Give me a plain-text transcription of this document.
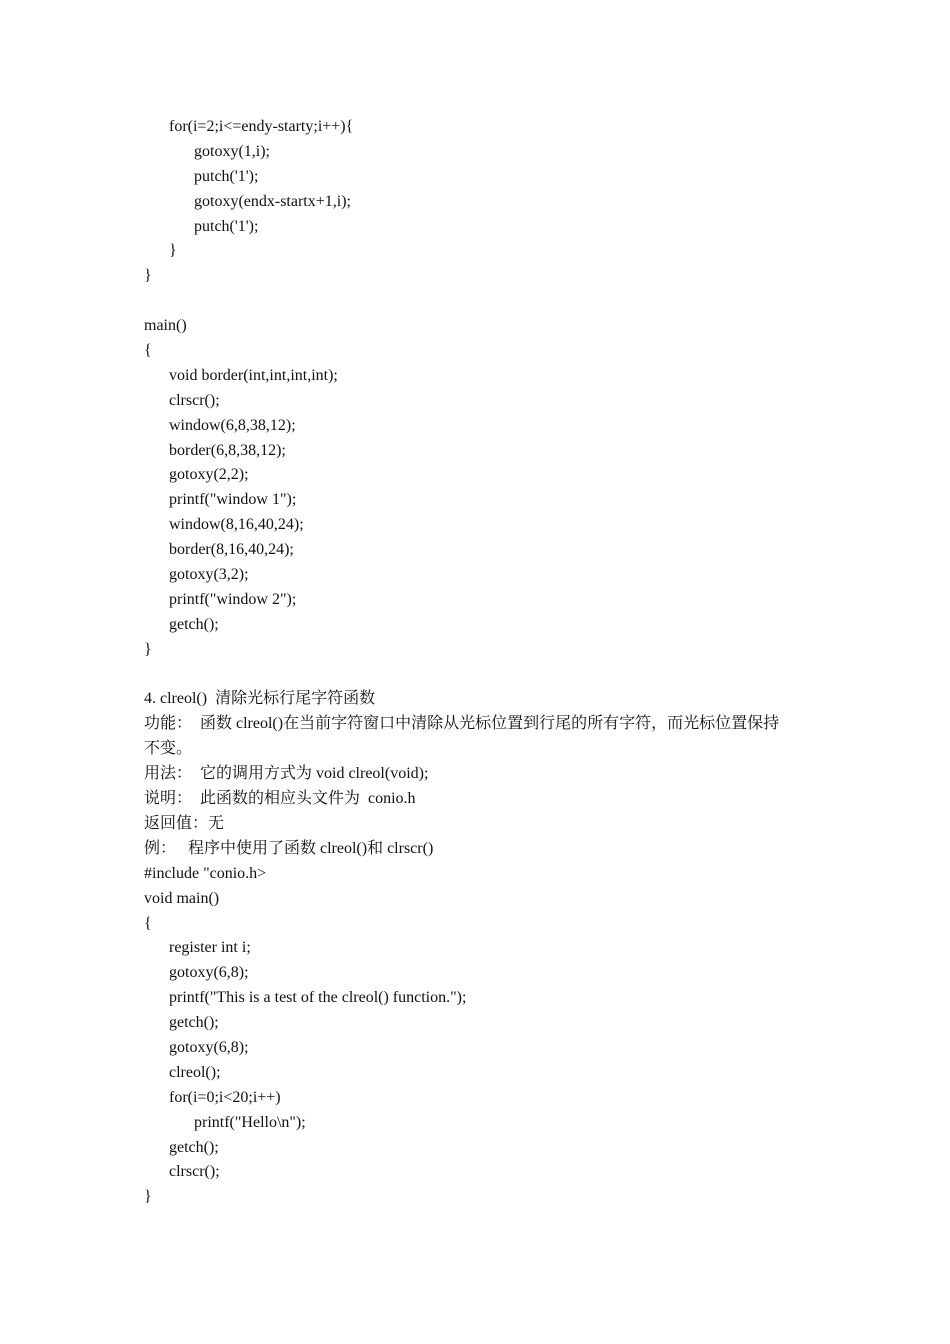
for(i=2;i<=endy-starty;i++){
gotoxy(1,i);
putch('1');
gotoxy(endx-startx+1,i);
putch('1');
}
}
main()
{
void border(int,int,int,int);
clrscr();
window(6,8,38,12);
border(6,8,38,12);
gotoxy(2,2);
printf("window 1");
window(8,16,40,24);
border(8,16,40,24);
gotoxy(3,2);
printf("window 2");
getch();
}
4. clreol()  清除光标行尾字符函数
功能：  函数 clreol()在当前字符窗口中清除从光标位置到行尾的所有字符，而光标位置保持
不变。
用法：  它的调用方式为 void clreol(void);
说明：  此函数的相应头文件为  conio.h
返回值：无
例：   程序中使用了函数 clreol()和 clrscr()
#include "conio.h>
void main()
{
register int i;
gotoxy(6,8);
printf("This is a test of the clreol() function.");
getch();
gotoxy(6,8);
clreol();
for(i=0;i<20;i++)
printf("Hello\n");
getch();
clrscr();
}
